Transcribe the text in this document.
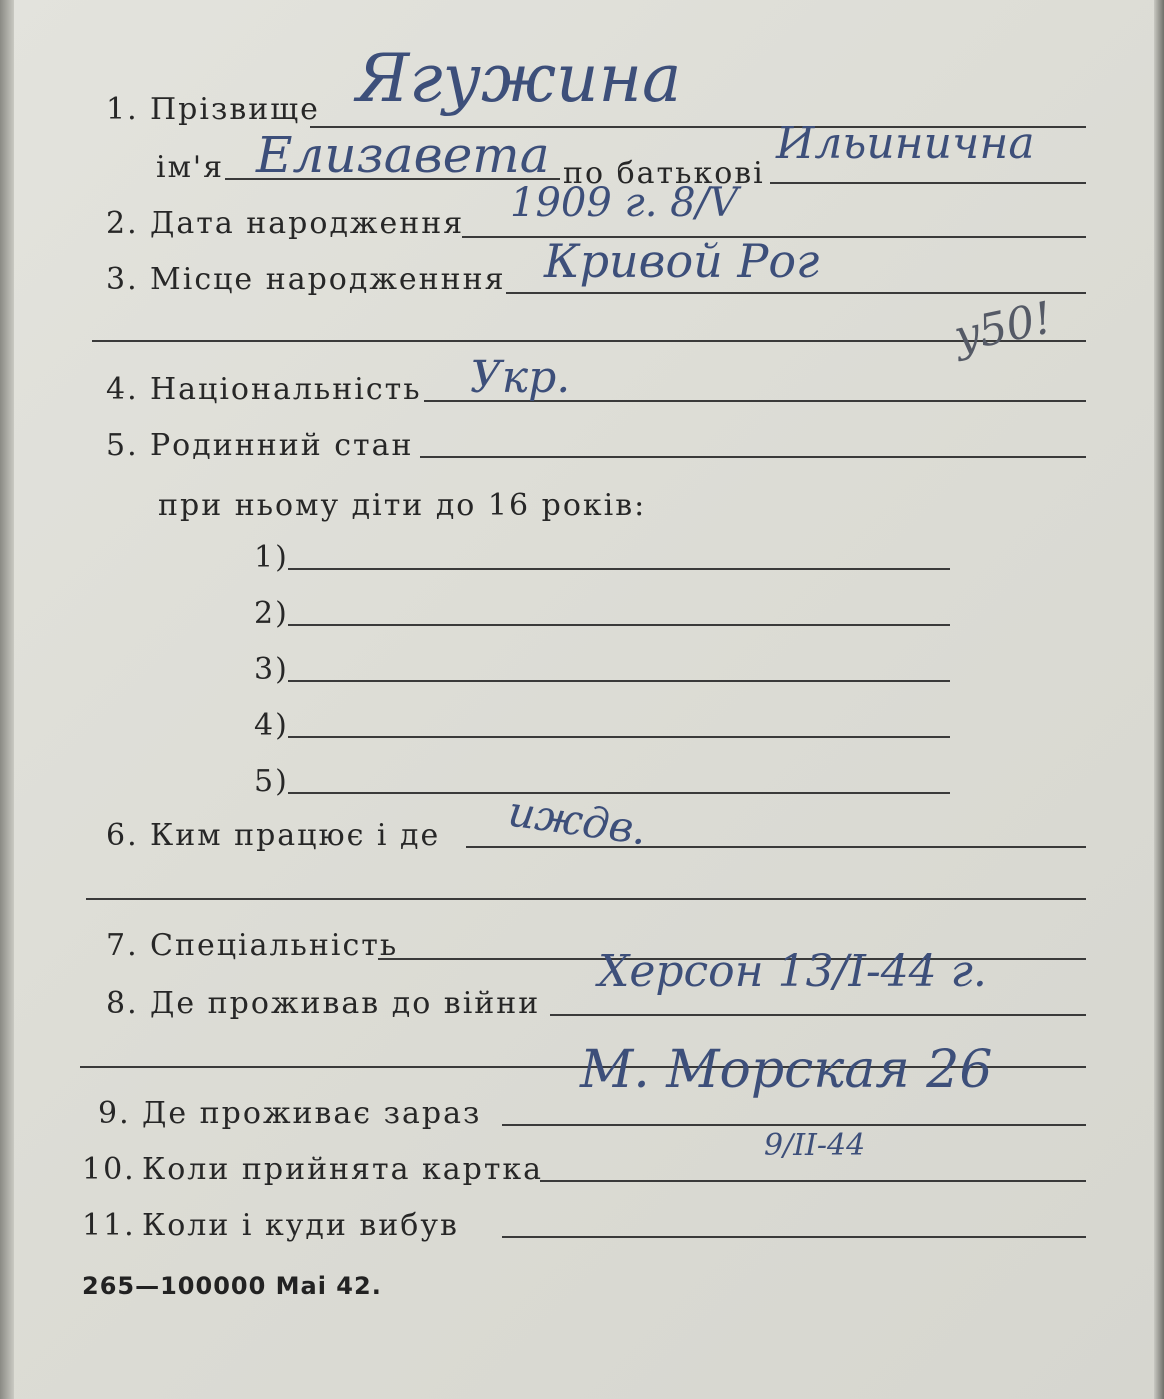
1. Прізвище Ягужина
ім'я Елизавета по батькові
Ильинична
2. Дата народження 1909 г. 8/V
3. Місце народженння Кривой Рог
y50!
4. Національність Укр.
5. Родинний стан
при ньому діти до 16 років:
1)
2)
3)
4)
5)
6. Ким працює і де иждв.
7. Спеціальність
8. Де проживав до війни
Херсон 13/I-44 г.
9. Де проживає зараз
М. Морская 26
10. Коли прийнята картка
9/II-44
11. Коли і куди вибув
265—100000 Mai 42.
